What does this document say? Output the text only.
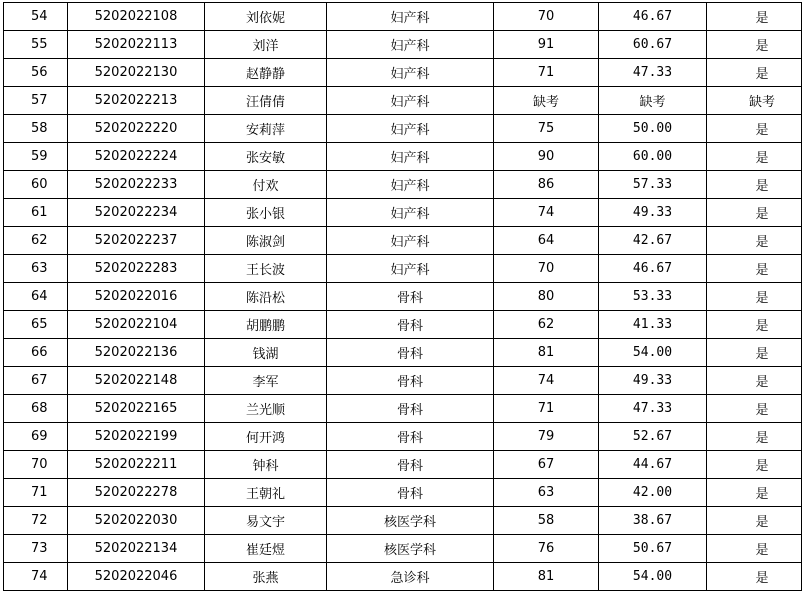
54	5202022108	刘依妮	妇产科	70	46.67	是
55	5202022113	刘洋	妇产科	91	60.67	是
56	5202022130	赵静静	妇产科	71	47.33	是
57	5202022213	汪倩倩	妇产科	缺考	缺考	缺考
58	5202022220	安莉萍	妇产科	75	50.00	是
59	5202022224	张安敏	妇产科	90	60.00	是
60	5202022233	付欢	妇产科	86	57.33	是
61	5202022234	张小银	妇产科	74	49.33	是
62	5202022237	陈淑剑	妇产科	64	42.67	是
63	5202022283	王长波	妇产科	70	46.67	是
64	5202022016	陈沿松	骨科	80	53.33	是
65	5202022104	胡鹏鹏	骨科	62	41.33	是
66	5202022136	钱湖	骨科	81	54.00	是
67	5202022148	李军	骨科	74	49.33	是
68	5202022165	兰光顺	骨科	71	47.33	是
69	5202022199	何开鸿	骨科	79	52.67	是
70	5202022211	钟科	骨科	67	44.67	是
71	5202022278	王朝礼	骨科	63	42.00	是
72	5202022030	易文宇	核医学科	58	38.67	是
73	5202022134	崔廷煜	核医学科	76	50.67	是
74	5202022046	张燕	急诊科	81	54.00	是
